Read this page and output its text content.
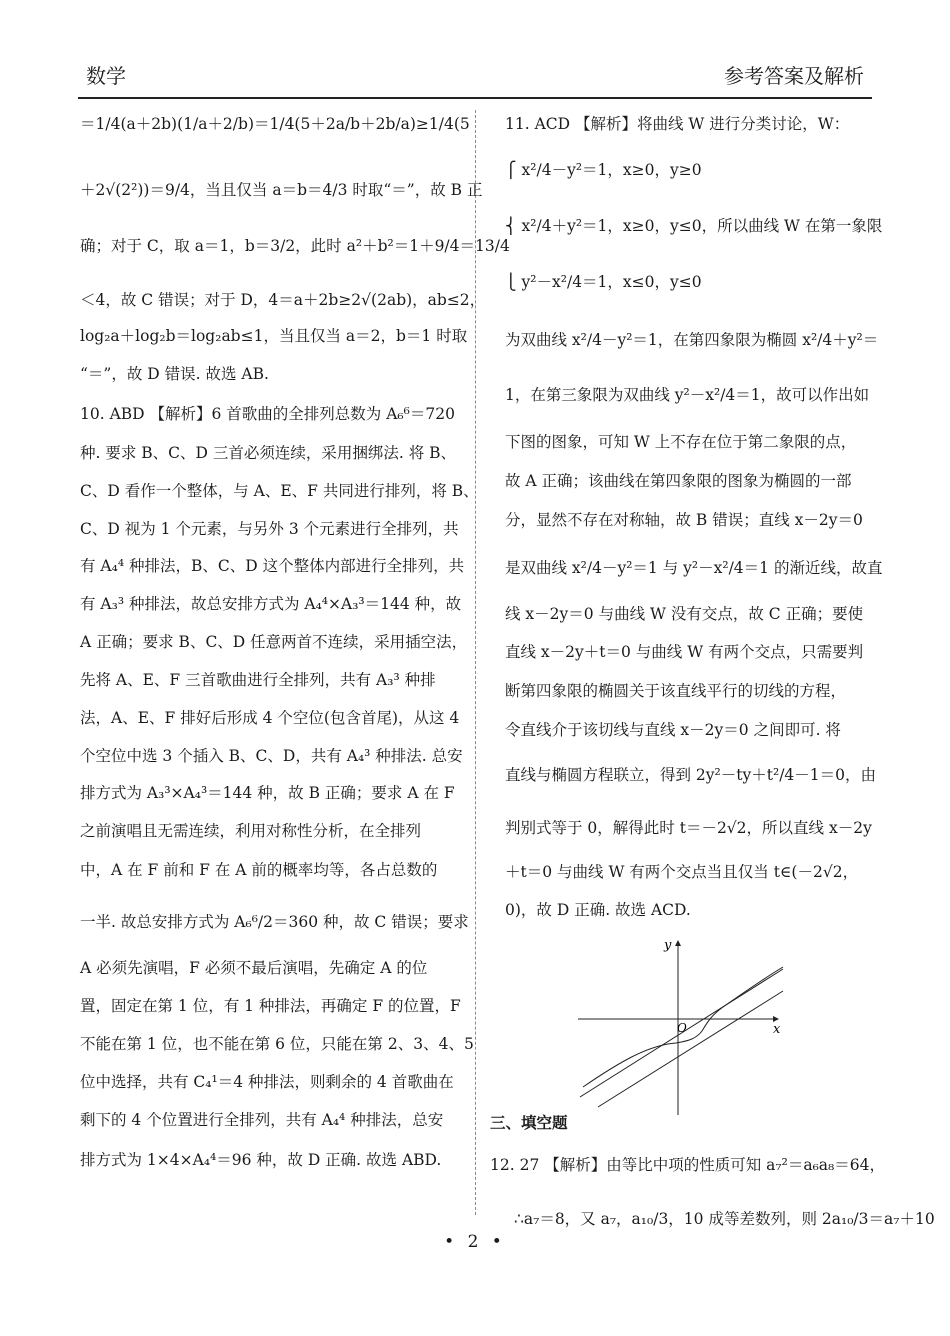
数学	参考答案及解析
＝1/4(a＋2b)(1/a＋2/b)＝1/4(5＋2a/b＋2b/a)≥1/4(5
＋2√(2²))＝9/4，当且仅当 a＝b＝4/3 时取“＝”，故 B 正
确；对于 C，取 a＝1，b＝3/2，此时 a²＋b²＝1＋9/4＝13/4
＜4，故 C 错误；对于 D，4＝a＋2b≥2√(2ab)，ab≤2，
log₂a＋log₂b＝log₂ab≤1，当且仅当 a＝2，b＝1 时取
“＝”，故 D 错误. 故选 AB.
10. ABD 【解析】6 首歌曲的全排列总数为 A₆⁶＝720
种. 要求 B、C、D 三首必须连续，采用捆绑法. 将 B、
C、D 看作一个整体，与 A、E、F 共同进行排列，将 B、
C、D 视为 1 个元素，与另外 3 个元素进行全排列，共
有 A₄⁴ 种排法，B、C、D 这个整体内部进行全排列，共
有 A₃³ 种排法，故总安排方式为 A₄⁴×A₃³＝144 种，故
A 正确；要求 B、C、D 任意两首不连续，采用插空法，
先将 A、E、F 三首歌曲进行全排列，共有 A₃³ 种排
法，A、E、F 排好后形成 4 个空位(包含首尾)，从这 4
个空位中选 3 个插入 B、C、D，共有 A₄³ 种排法. 总安
排方式为 A₃³×A₄³＝144 种，故 B 正确；要求 A 在 F
之前演唱且无需连续，利用对称性分析，在全排列
中，A 在 F 前和 F 在 A 前的概率均等，各占总数的
一半. 故总安排方式为 A₆⁶/2＝360 种，故 C 错误；要求
A 必须先演唱，F 必须不最后演唱，先确定 A 的位
置，固定在第 1 位，有 1 种排法，再确定 F 的位置，F
不能在第 1 位，也不能在第 6 位，只能在第 2、3、4、5
位中选择，共有 C₄¹＝4 种排法，则剩余的 4 首歌曲在
剩下的 4 个位置进行全排列，共有 A₄⁴ 种排法，总安
排方式为 1×4×A₄⁴＝96 种，故 D 正确. 故选 ABD.
11. ACD 【解析】将曲线 W 进行分类讨论，W：
⎧ x²/4－y²＝1，x≥0，y≥0
⎨ x²/4＋y²＝1，x≥0，y≤0，所以曲线 W 在第一象限
⎩ y²－x²/4＝1，x≤0，y≤0
为双曲线 x²/4－y²＝1，在第四象限为椭圆 x²/4＋y²＝
1，在第三象限为双曲线 y²－x²/4＝1，故可以作出如
下图的图象，可知 W 上不存在位于第二象限的点，
故 A 正确；该曲线在第四象限的图象为椭圆的一部
分，显然不存在对称轴，故 B 错误；直线 x－2y＝0
是双曲线 x²/4－y²＝1 与 y²－x²/4＝1 的渐近线，故直
线 x－2y＝0 与曲线 W 没有交点，故 C 正确；要使
直线 x－2y＋t＝0 与曲线 W 有两个交点，只需要判
断第四象限的椭圆关于该直线平行的切线的方程，
令直线介于该切线与直线 x－2y＝0 之间即可. 将
直线与椭圆方程联立，得到 2y²－ty＋t²/4－1＝0，由
判别式等于 0，解得此时 t＝－2√2，所以直线 x－2y
＋t＝0 与曲线 W 有两个交点当且仅当 t∈(－2√2，
0)，故 D 正确. 故选 ACD.
y
x
O
三、填空题
12. 27 【解析】由等比中项的性质可知 a₇²＝a₆a₈＝64，
∴a₇＝8，又 a₇，a₁₀/3，10 成等差数列，则 2a₁₀/3＝a₇＋10
• 2 •
